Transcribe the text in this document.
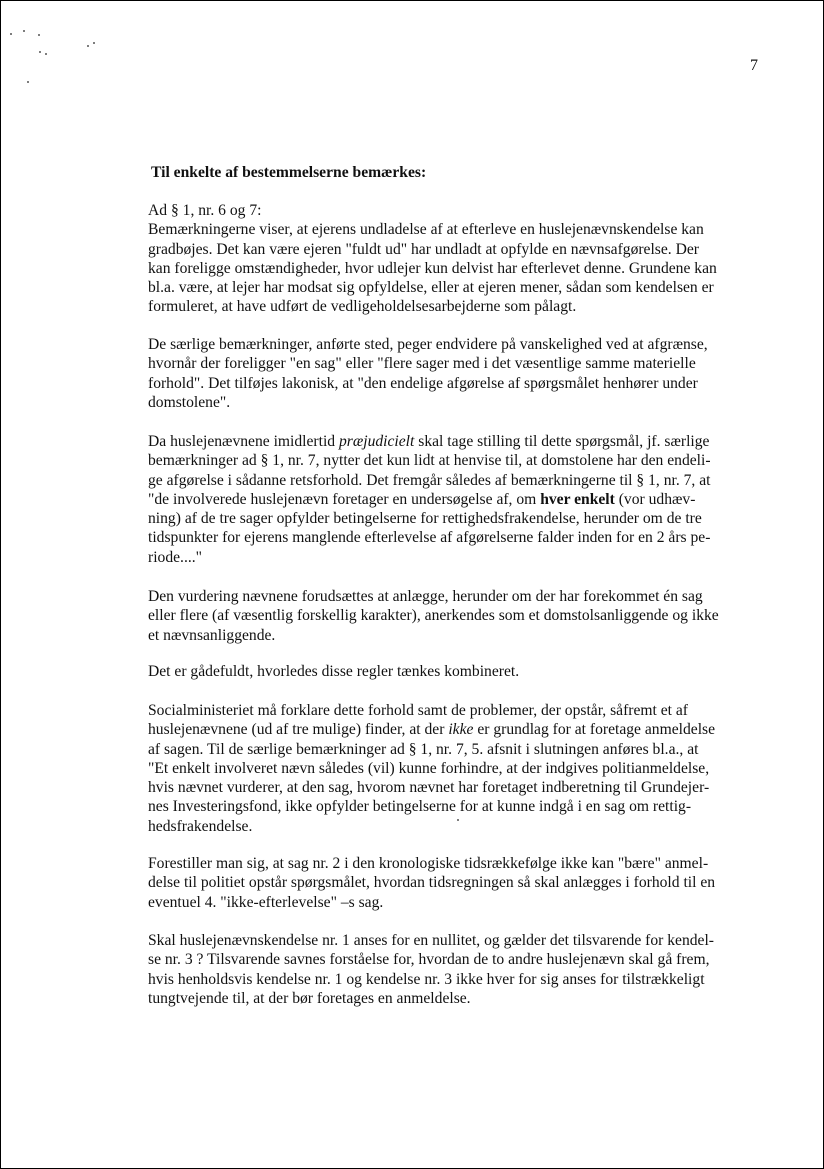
7
Til enkelte af bestemmelserne bemærkes:
Ad § 1, nr. 6 og 7:
Bemærkningerne viser, at ejerens undladelse af at efterleve en huslejenævnskendelse kan
gradbøjes. Det kan være ejeren "fuldt ud" har undladt at opfylde en nævnsafgørelse. Der
kan foreligge omstændigheder, hvor udlejer kun delvist har efterlevet denne. Grundene kan
bl.a. være, at lejer har modsat sig opfyldelse, eller at ejeren mener, sådan som kendelsen er
formuleret, at have udført de vedligeholdelsesarbejderne som pålagt.
De særlige bemærkninger, anførte sted, peger endvidere på vanskelighed ved at afgrænse,
hvornår der foreligger "en sag" eller "flere sager med i det væsentlige samme materielle
forhold". Det tilføjes lakonisk, at "den endelige afgørelse af spørgsmålet henhører under
domstolene".
Da huslejenævnene imidlertid præjudicielt skal tage stilling til dette spørgsmål, jf. særlige
bemærkninger ad § 1, nr. 7, nytter det kun lidt at henvise til, at domstolene har den endeli-
ge afgørelse i sådanne retsforhold. Det fremgår således af bemærkningerne til § 1, nr. 7, at
"de involverede huslejenævn foretager en undersøgelse af, om hver enkelt (vor udhæv-
ning) af de tre sager opfylder betingelserne for rettighedsfrakendelse, herunder om de tre
tidspunkter for ejerens manglende efterlevelse af afgørelserne falder inden for en 2 års pe-
riode...."
Den vurdering nævnene forudsættes at anlægge, herunder om der har forekommet én sag
eller flere (af væsentlig forskellig karakter), anerkendes som et domstolsanliggende og ikke
et nævnsanliggende.
Det er gådefuldt, hvorledes disse regler tænkes kombineret.
Socialministeriet må forklare dette forhold samt de problemer, der opstår, såfremt et af
huslejenævnene (ud af tre mulige) finder, at der ikke er grundlag for at foretage anmeldelse
af sagen. Til de særlige bemærkninger ad § 1, nr. 7, 5. afsnit i slutningen anføres bl.a., at
"Et enkelt involveret nævn således (vil) kunne forhindre, at der indgives politianmeldelse,
hvis nævnet vurderer, at den sag, hvorom nævnet har foretaget indberetning til Grundejer-
nes Investeringsfond, ikke opfylder betingelserne for at kunne indgå i en sag om rettig-
hedsfrakendelse.
Forestiller man sig, at sag nr. 2 i den kronologiske tidsrækkefølge ikke kan "bære" anmel-
delse til politiet opstår spørgsmålet, hvordan tidsregningen så skal anlægges i forhold til en
eventuel 4. "ikke-efterlevelse" –s sag.
Skal huslejenævnskendelse nr. 1 anses for en nullitet, og gælder det tilsvarende for kendel-
se nr. 3 ? Tilsvarende savnes forståelse for, hvordan de to andre huslejenævn skal gå frem,
hvis henholdsvis kendelse nr. 1 og kendelse nr. 3 ikke hver for sig anses for tilstrækkeligt
tungtvejende til, at der bør foretages en anmeldelse.
